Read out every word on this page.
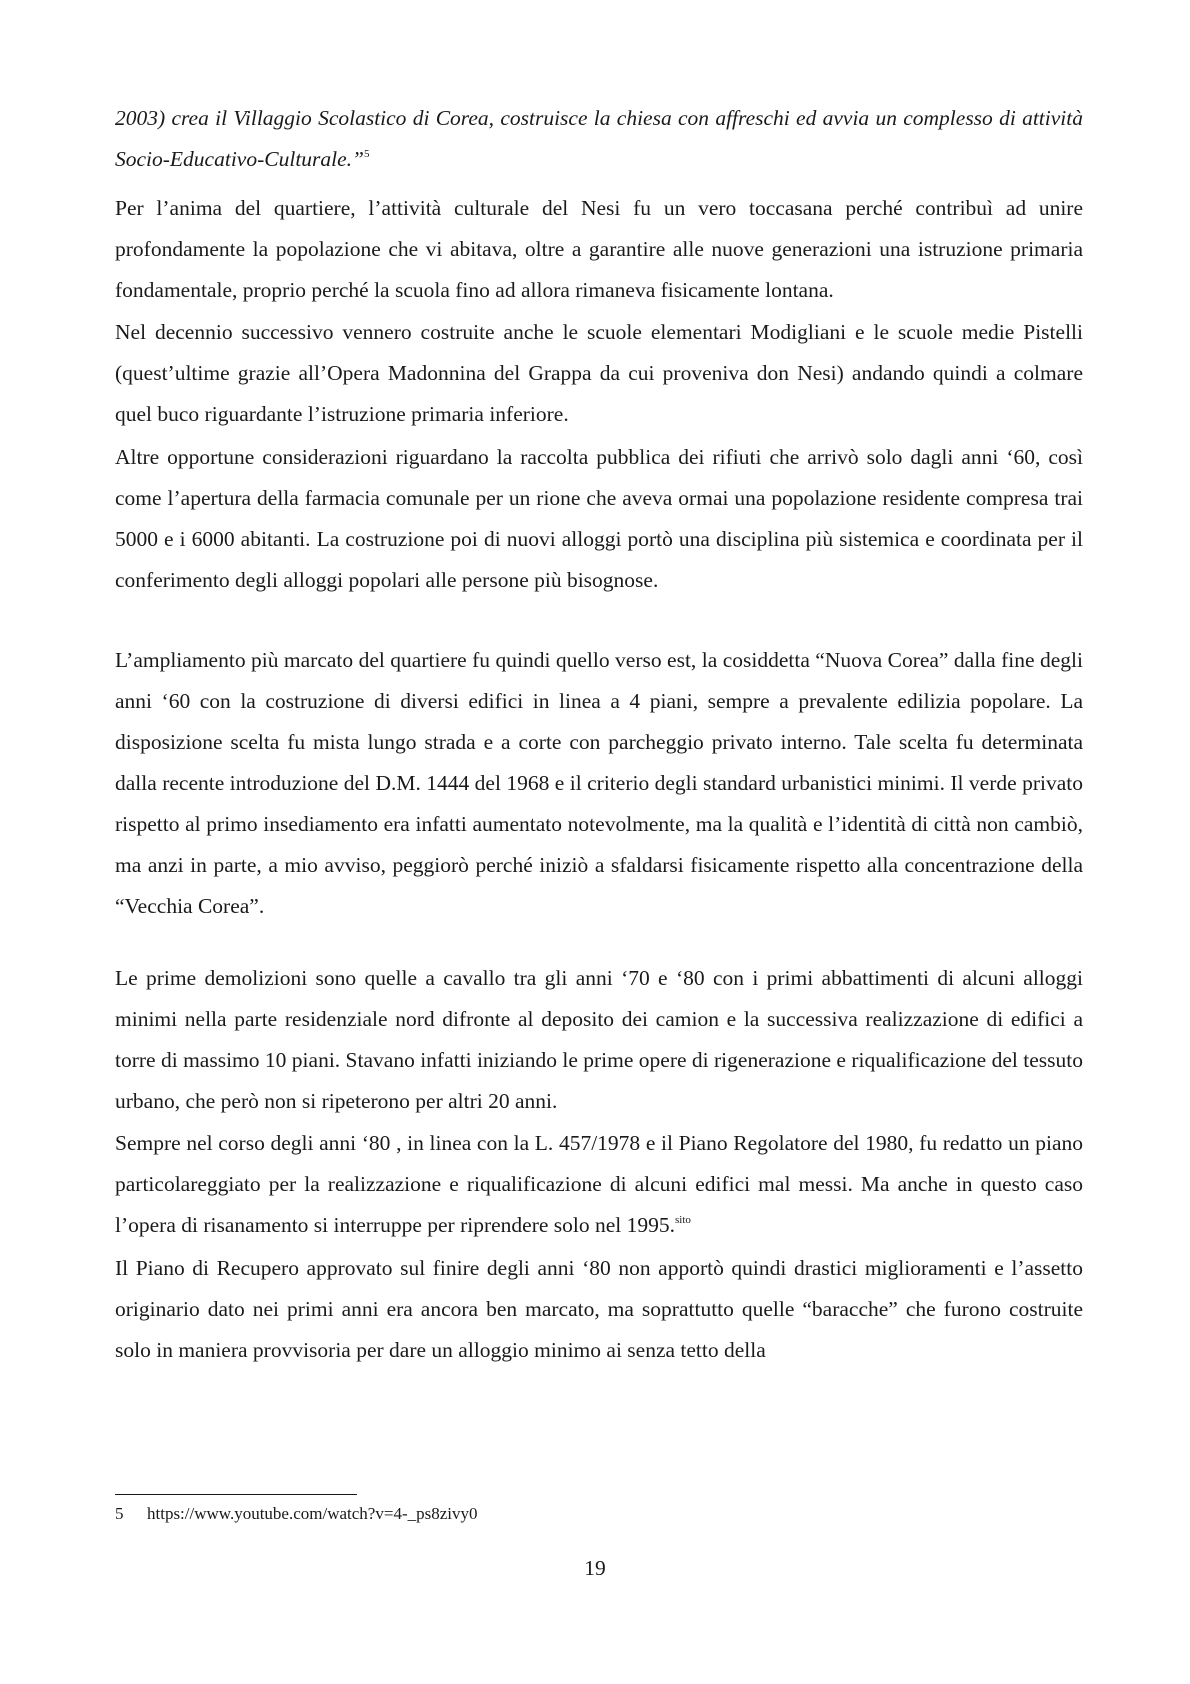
2003) crea il Villaggio Scolastico di Corea, costruisce la chiesa con affreschi ed avvia un complesso di attività Socio-Educativo-Culturale.”$^5$

Per l’anima del quartiere, l’attività culturale del Nesi fu un vero toccasana perché contribuì ad unire profondamente la popolazione che vi abitava, oltre a garantire alle nuove generazioni una istruzione primaria fondamentale, proprio perché la scuola fino ad allora rimaneva fisicamente lontana.

Nel decennio successivo vennero costruite anche le scuole elementari Modigliani e le scuole medie Pistelli (quest’ultime grazie all’Opera Madonnina del Grappa da cui proveniva don Nesi) andando quindi a colmare quel buco riguardante l’istruzione primaria inferiore.

Altre opportune considerazioni riguardano la raccolta pubblica dei rifiuti che arrivò solo dagli anni ‘60, così come l’apertura della farmacia comunale per un rione che aveva ormai una popolazione residente compresa trai 5000 e i 6000 abitanti. La costruzione poi di nuovi alloggi portò una disciplina più sistemica e coordinata per il conferimento degli alloggi popolari alle persone più bisognose.

L’ampliamento più marcato del quartiere fu quindi quello verso est, la cosiddetta “Nuova Corea” dalla fine degli anni ‘60 con la costruzione di diversi edifici in linea a 4 piani, sempre a prevalente edilizia popolare. La disposizione scelta fu mista lungo strada e a corte con parcheggio privato interno. Tale scelta fu determinata dalla recente introduzione del D.M. 1444 del 1968 e il criterio degli standard urbanistici minimi. Il verde privato rispetto al primo insediamento era infatti aumentato notevolmente, ma la qualità e l’identità di città non cambiò, ma anzi in parte, a mio avviso, peggiorò perché iniziò a sfaldarsi fisicamente rispetto alla concentrazione della “Vecchia Corea”.

Le prime demolizioni sono quelle a cavallo tra gli anni ‘70 e ‘80 con i primi abbattimenti di alcuni alloggi minimi nella parte residenziale nord difronte al deposito dei camion e la successiva realizzazione di edifici a torre di massimo 10 piani. Stavano infatti iniziando le prime opere di rigenerazione e riqualificazione del tessuto urbano, che però non si ripeterono per altri 20 anni.

Sempre nel corso degli anni ‘80 , in linea con la L. 457/1978 e il Piano Regolatore del 1980, fu redatto un piano particolareggiato per la realizzazione e riqualificazione di alcuni edifici mal messi. Ma anche in questo caso l’opera di risanamento si interruppe per riprendere solo nel 1995.$^{sito}$

Il Piano di Recupero approvato sul finire degli anni ‘80 non apportò quindi drastici miglioramenti e l’assetto originario dato nei primi anni era ancora ben marcato, ma soprattutto quelle “baracche” che furono costruite solo in maniera provvisoria per dare un alloggio minimo ai senza tetto della

5 https://www.youtube.com/watch?v=4-_ps8zivy0
19
